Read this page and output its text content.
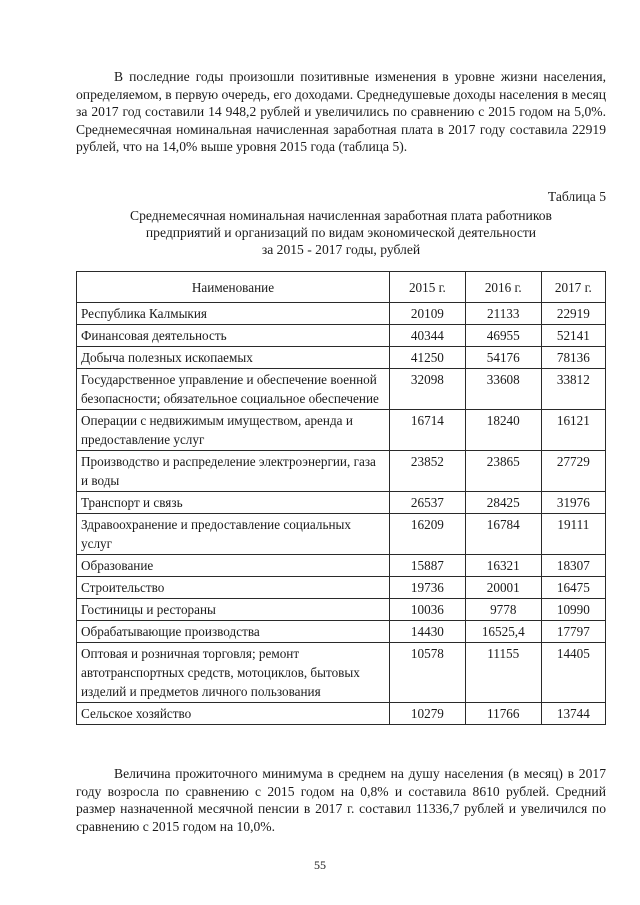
В последние годы произошли позитивные изменения в уровне жизни населения, определяемом, в первую очередь, его доходами. Среднедушевые доходы населения в месяц за 2017 год составили 14 948,2 рублей и увеличились по сравнению с 2015 годом на 5,0%. Среднемесячная номинальная начисленная заработная плата в 2017 году составила 22919 рублей, что на 14,0% выше уровня 2015 года (таблица 5).

Таблица 5

Среднемесячная номинальная начисленная заработная плата работников
предприятий и организаций по видам экономической деятельности
за 2015 - 2017 годы, рублей
Наименование	2015 г.	2016 г.	2017 г.
Республика Калмыкия	20109	21133	22919
Финансовая деятельность	40344	46955	52141
Добыча полезных ископаемых	41250	54176	78136
Государственное управление и обеспечение военной безопасности; обязательное социальное обеспечение	32098	33608	33812
Операции с недвижимым имуществом, аренда и предоставление услуг	16714	18240	16121
Производство и распределение электроэнергии, газа и воды	23852	23865	27729
Транспорт и связь	26537	28425	31976
Здравоохранение и предоставление социальных услуг	16209	16784	19111
Образование	15887	16321	18307
Строительство	19736	20001	16475
Гостиницы и рестораны	10036	9778	10990
Обрабатывающие производства	14430	16525,4	17797
Оптовая и розничная торговля; ремонт автотранспортных средств, мотоциклов, бытовых изделий и предметов личного пользования	10578	11155	14405
Сельское хозяйство	10279	11766	13744

Величина прожиточного минимума в среднем на душу населения (в месяц) в 2017 году возросла по сравнению с 2015 годом на 0,8% и составила 8610 рублей. Средний размер назначенной месячной пенсии в 2017 г. составил 11336,7 рублей и увеличился по сравнению с 2015 годом на 10,0%.

55
